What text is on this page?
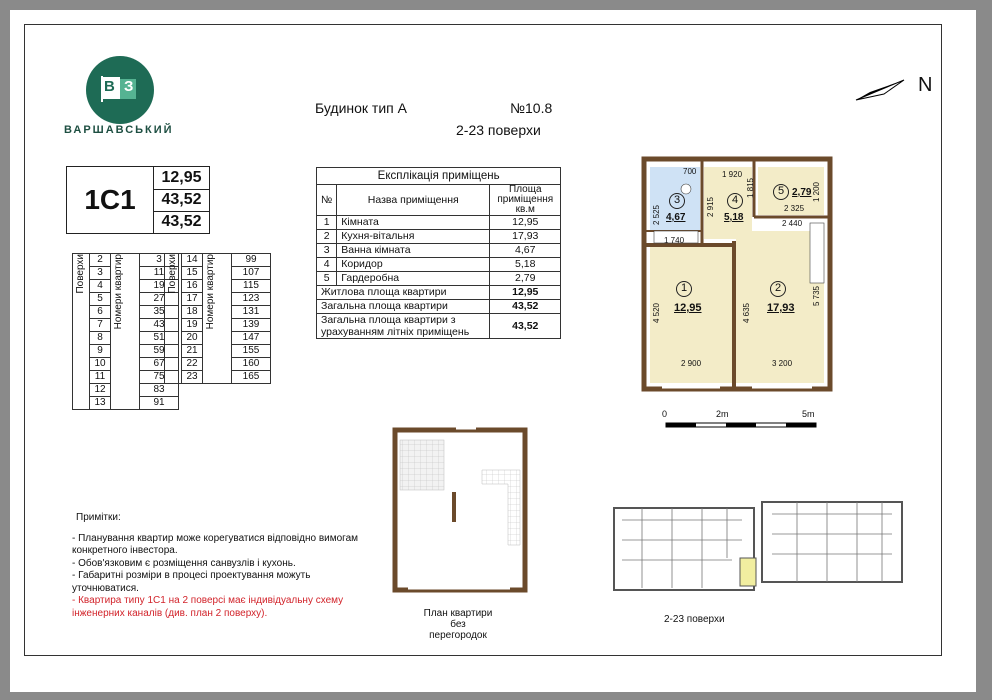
В З
ВАРШАВСЬКИЙ
Будинок тип А	№10.8
2-23 поверхи
N
1С1
12,95
43,52
43,52
Поверхи	2	Номери квартир	3
	3		11
	4		19
	5		27
	6		35
	7		43
	8		51
	9		59
	10		67
	11		75
	12		83
	13		91
Поверхи	14	Номери квартир	99
	15		107
	16		115
	17		123
	18		131
	19		139
	20		147
	21		155
	22		160
	23		165
Експлікація приміщень		
№	Назва приміщення	Площа приміщення кв.м
1	Кімната	12,95
2	Кухня-вітальня	17,93
3	Ванна кімната	4,67
4	Коридор	5,18
5	Гардеробна	2,79
Житлова площа квартири		12,95
Загальна площа квартири		43,52
Загальна площа квартири з урахуванням літніх приміщень		43,52
1
12,95
2
17,93
3
4,67
4
5,18
5 2,79
1 920
700
2 325
2 440
1 740
2 900	3 200
4 520	4 635
5 735
2 525	2 915
1 815	1 200
0	2m	5m
План квартири
без перегородок
2-23 поверхи
Примітки:
- Планування квартир може корегуватися відповідно вимогам конкретного інвестора.
- Обов'язковим є розміщення санвузлів і кухонь.
- Габаритні розміри в процесі проектування можуть уточнюватися.
- Квартира типу 1С1 на 2 поверсі має індивідуальну схему інженерних каналів (див. план 2 поверху).
